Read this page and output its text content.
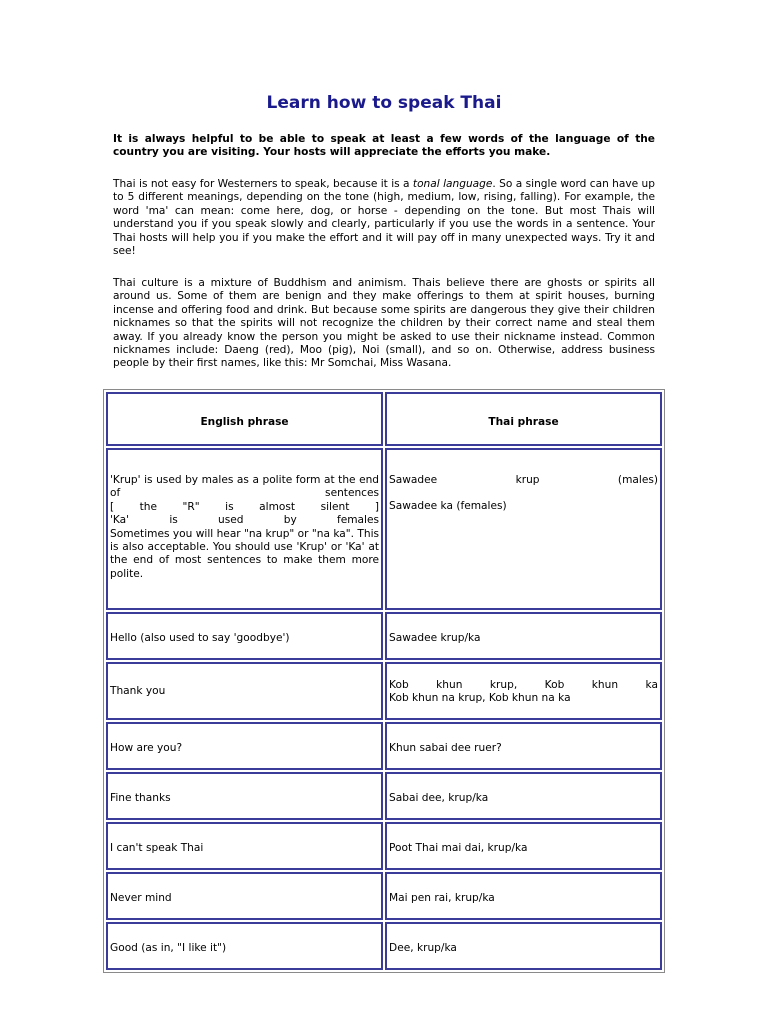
Learn how to speak Thai

It is always helpful to be able to speak at least a few words of the language of the country you are visiting. Your hosts will appreciate the efforts you make.

Thai is not easy for Westerners to speak, because it is a tonal language. So a single word can have up to 5 different meanings, depending on the tone (high, medium, low, rising, falling). For example, the word 'ma' can mean: come here, dog, or horse - depending on the tone. But most Thais will understand you if you speak slowly and clearly, particularly if you use the words in a sentence. Your Thai hosts will help you if you make the effort and it will pay off in many unexpected ways. Try it and see!

Thai culture is a mixture of Buddhism and animism. Thais believe there are ghosts or spirits all around us. Some of them are benign and they make offerings to them at spirit houses, burning incense and offering food and drink. But because some spirits are dangerous they give their children nicknames so that the spirits will not recognize the children by their correct name and steal them away. If you already know the person you might be asked to use their nickname instead. Common nicknames include: Daeng (red), Moo (pig), Noi (small), and so on. Otherwise, address business people by their first names, like this: Mr Somchai, Miss Wasana.

English phrase	Thai phrase

'Krup' is used by males as a polite form at the end of sentences
[ the "R" is almost silent ]
'Ka' is used by females
Sometimes you will hear "na krup" or "na ka". This is also acceptable. You should use 'Krup' or 'Ka' at the end of most sentences to make them more polite.	Sawadee krup (males)
Sawadee ka (females)

Hello (also used to say 'goodbye')	Sawadee krup/ka
Thank you	Kob khun krup, Kob khun ka
Kob khun na krup, Kob khun na ka

How are you?	Khun sabai dee ruer?
Fine thanks	Sabai dee, krup/ka
I can't speak Thai	Poot Thai mai dai, krup/ka
Never mind	Mai pen rai, krup/ka
Good (as in, "I like it")	Dee, krup/ka
